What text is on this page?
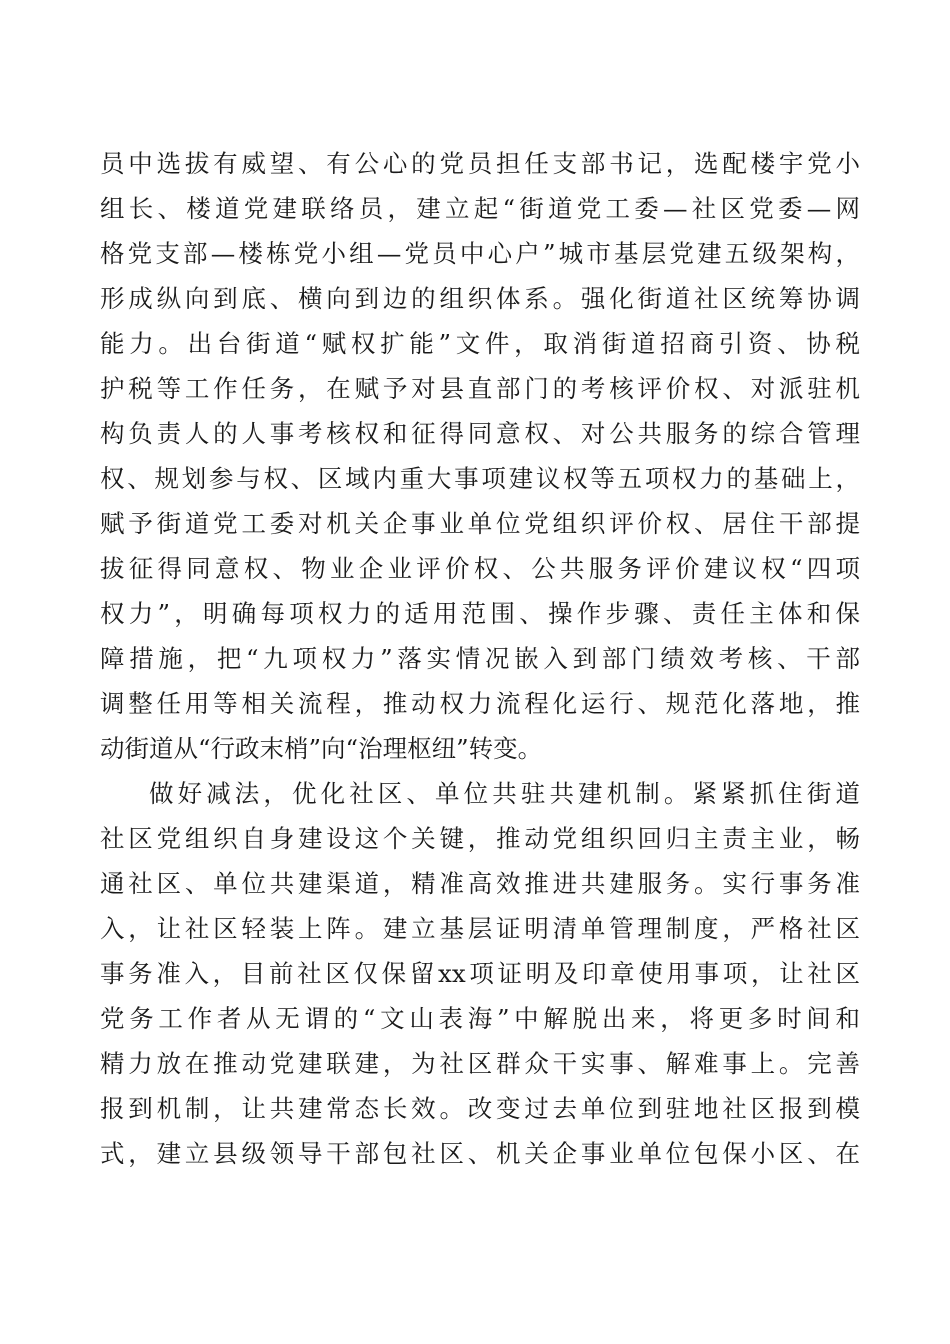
员中选拔有威望、有公心的党员担任支部书记，选配楼宇党小
组长、楼道党建联络员，建立起“街道党工委—社区党委—网
格党支部—楼栋党小组—党员中心户”城市基层党建五级架构，
形成纵向到底、横向到边的组织体系。强化街道社区统筹协调
能力。出台街道“赋权扩能”文件，取消街道招商引资、协税
护税等工作任务，在赋予对县直部门的考核评价权、对派驻机
构负责人的人事考核权和征得同意权、对公共服务的综合管理
权、规划参与权、区域内重大事项建议权等五项权力的基础上，
赋予街道党工委对机关企事业单位党组织评价权、居住干部提
拔征得同意权、物业企业评价权、公共服务评价建议权“四项
权力”，明确每项权力的适用范围、操作步骤、责任主体和保
障措施，把“九项权力”落实情况嵌入到部门绩效考核、干部
调整任用等相关流程，推动权力流程化运行、规范化落地，推
动街道从“行政末梢”向“治理枢纽”转变。
做好减法，优化社区、单位共驻共建机制。紧紧抓住街道
社区党组织自身建设这个关键，推动党组织回归主责主业，畅
通社区、单位共建渠道，精准高效推进共建服务。实行事务准
入，让社区轻装上阵。建立基层证明清单管理制度，严格社区
事务准入，目前社区仅保留xx项证明及印章使用事项，让社区
党务工作者从无谓的“文山表海”中解脱出来，将更多时间和
精力放在推动党建联建，为社区群众干实事、解难事上。完善
报到机制，让共建常态长效。改变过去单位到驻地社区报到模
式，建立县级领导干部包社区、机关企事业单位包保小区、在
